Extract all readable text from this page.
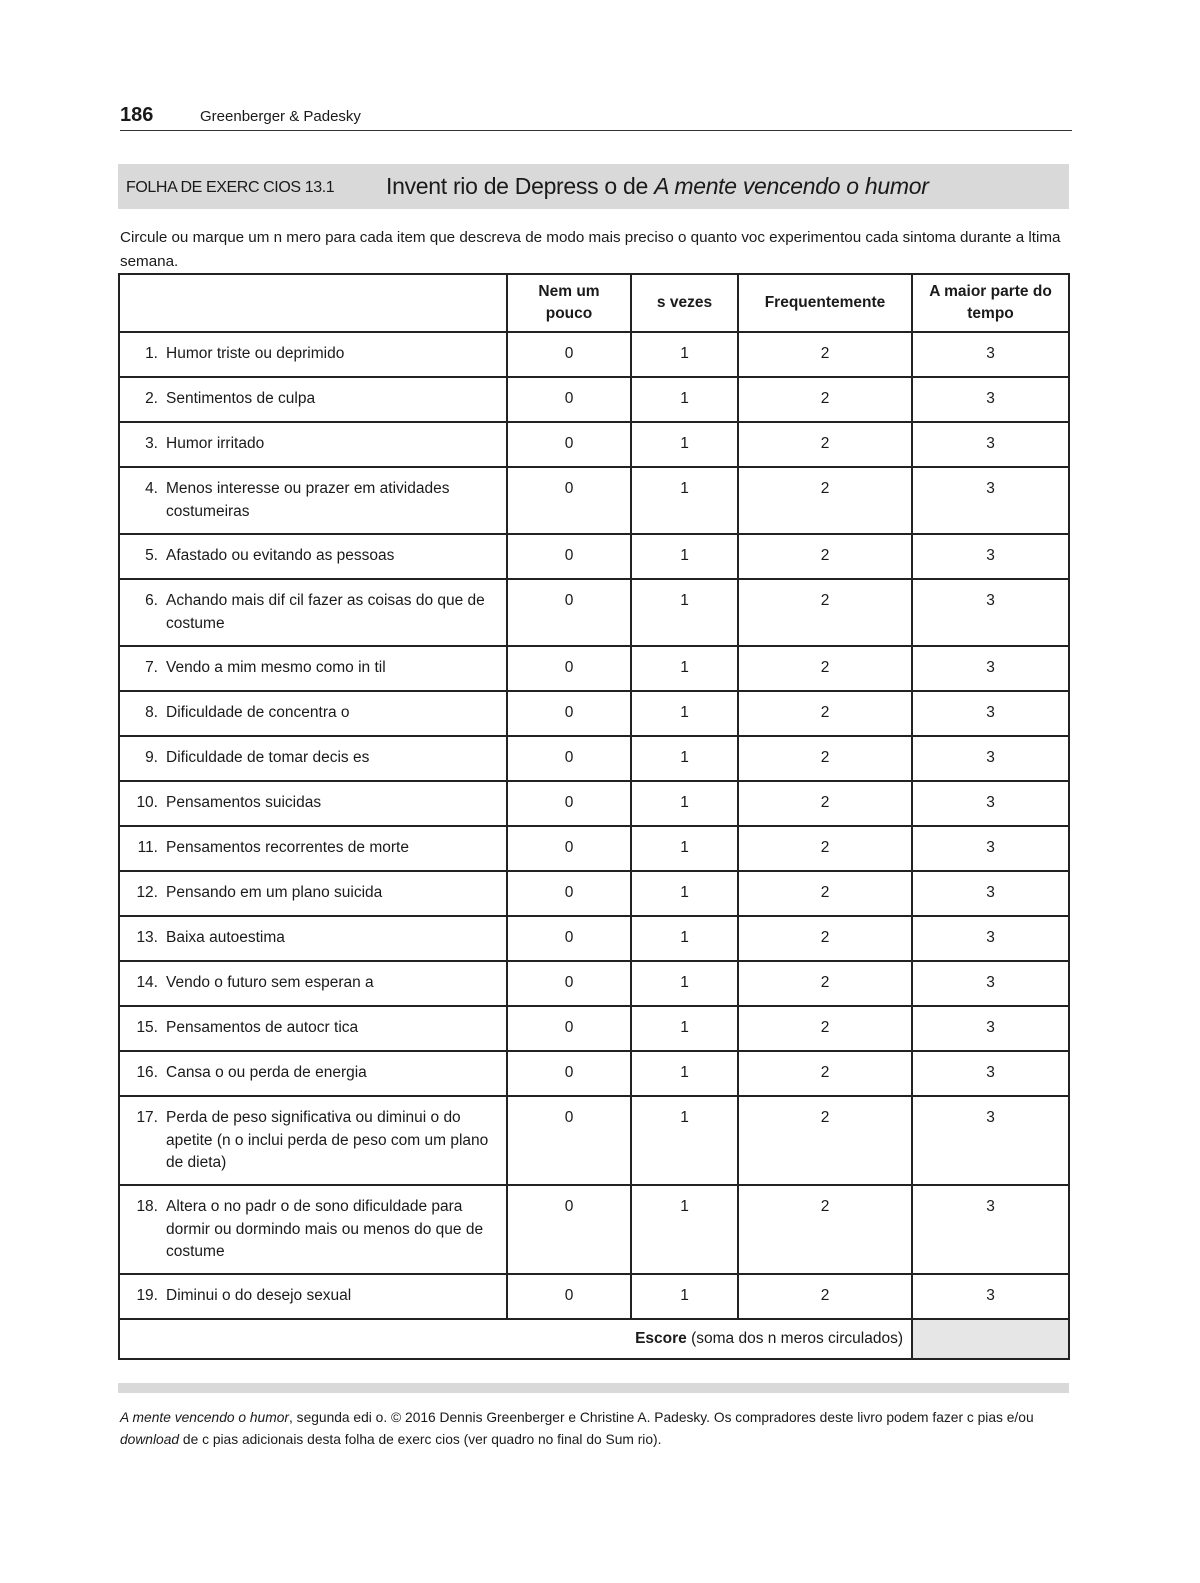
186	Greenberger & Padesky
FOLHA DE EXERC CIOS 13.1 Invent rio de Depress o de A mente vencendo o humor
Circule ou marque um n mero para cada item que descreva de modo mais preciso o quanto voc experimentou cada sintoma durante a ltima semana.
	Nem um pouco	s vezes	Frequentemente	A maior parte do tempo

1. Humor triste ou deprimido	0	1	2	3

2. Sentimentos de culpa	0	1	2	3

3. Humor irritado	0	1	2	3

4. Menos interesse ou prazer em atividades costumeiras	0	1	2	3

5. Afastado ou evitando as pessoas	0	1	2	3

6. Achando mais dif cil fazer as coisas do que de costume	0	1	2	3

7. Vendo a mim mesmo como in til	0	1	2	3

8. Dificuldade de concentra o	0	1	2	3

9. Dificuldade de tomar decis es	0	1	2	3

10. Pensamentos suicidas	0	1	2	3

11. Pensamentos recorrentes de morte	0	1	2	3

12. Pensando em um plano suicida	0	1	2	3

13. Baixa autoestima	0	1	2	3

14. Vendo o futuro sem esperan a	0	1	2	3

15. Pensamentos de autocr tica	0	1	2	3

16. Cansa o ou perda de energia	0	1	2	3

17. Perda de peso significativa ou diminui o do apetite (n o inclui perda de peso com um plano de dieta)	0	1	2	3

18. Altera o no padr o de sono dificuldade para dormir ou dormindo mais ou menos do que de costume	0	1	2	3

19. Diminui o do desejo sexual	0	1	2	3
Escore (soma dos n meros circulados)				
A mente vencendo o humor, segunda edi o. © 2016 Dennis Greenberger e Christine A. Padesky. Os compradores deste livro podem fazer c pias e/ou download de c pias adicionais desta folha de exerc cios (ver quadro no final do Sum rio).
